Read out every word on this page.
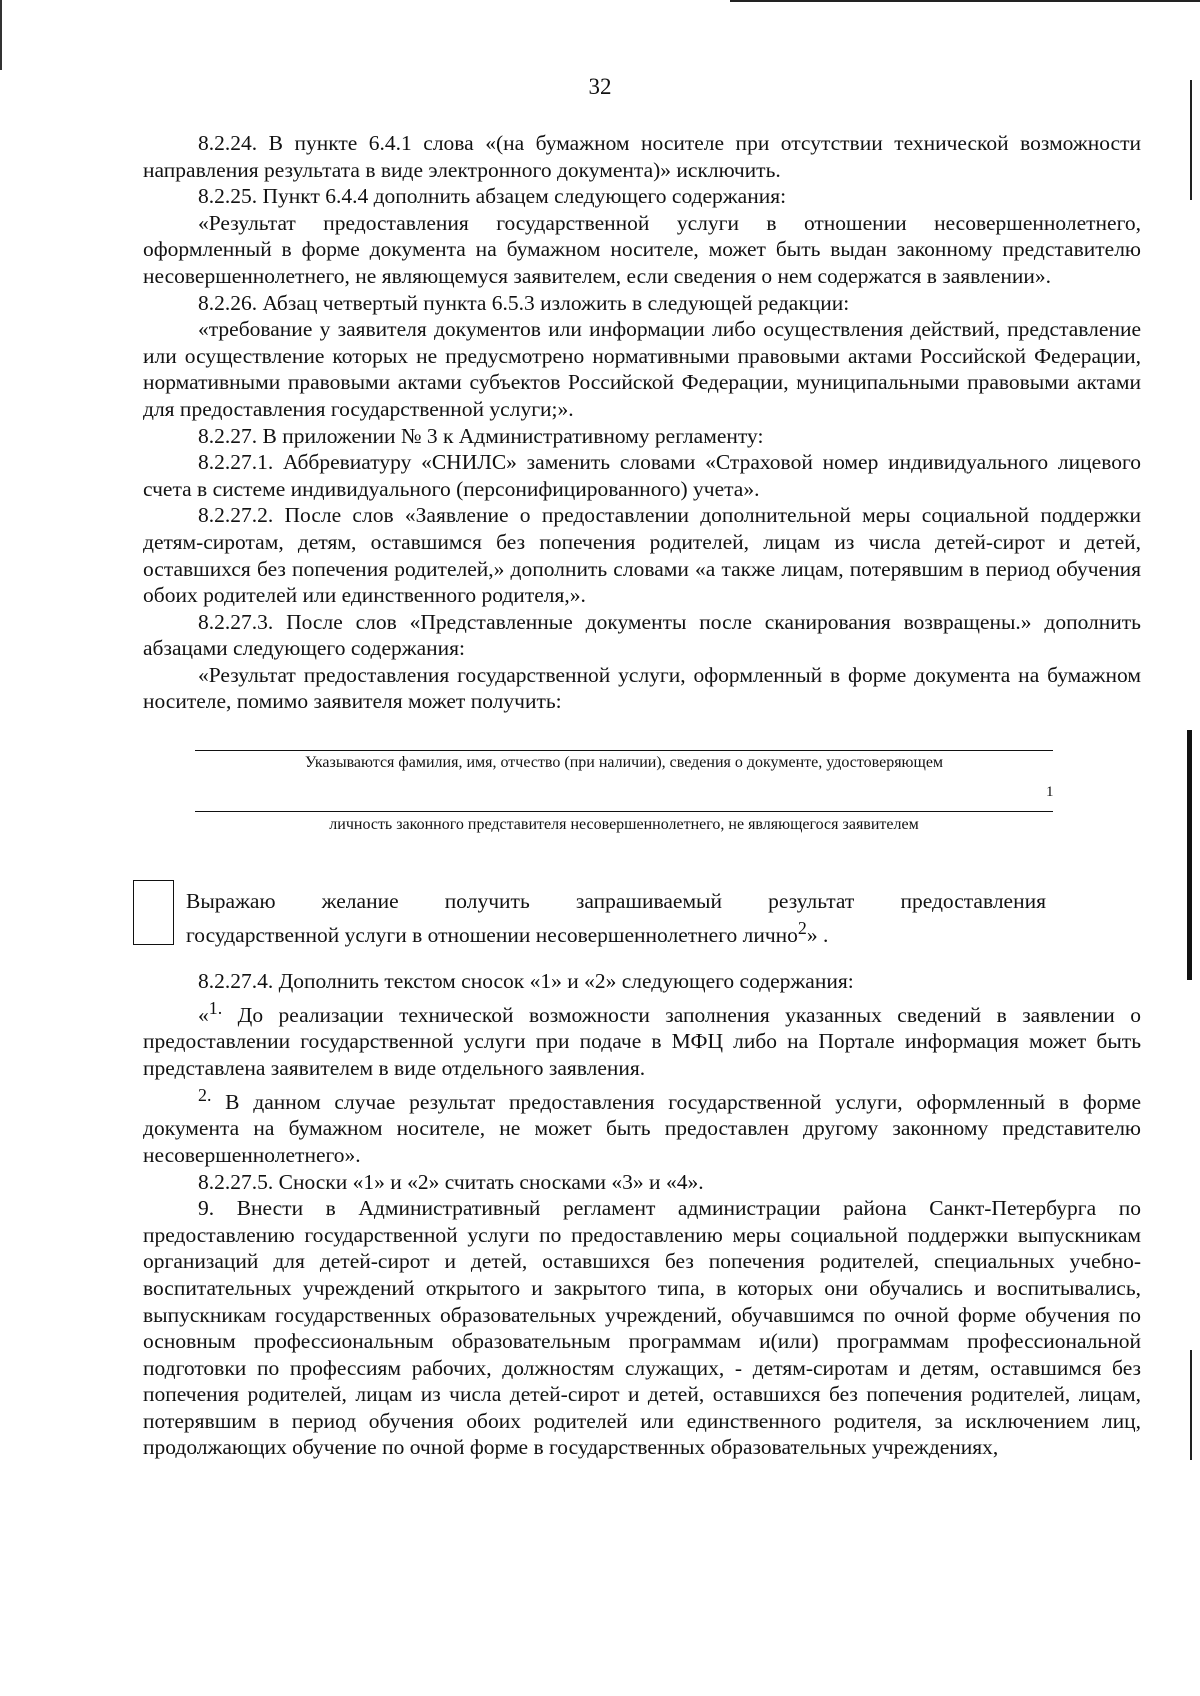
32

8.2.24. В пункте 6.4.1 слова «(на бумажном носителе при отсутствии технической возможности направления результата в виде электронного документа)» исключить.

8.2.25. Пункт 6.4.4 дополнить абзацем следующего содержания:

«Результат предоставления государственной услуги в отношении несовершеннолетнего, оформленный в форме документа на бумажном носителе, может быть выдан законному представителю несовершеннолетнего, не являющемуся заявителем, если сведения о нем содержатся в заявлении».

8.2.26. Абзац четвертый пункта 6.5.3 изложить в следующей редакции:

«требование у заявителя документов или информации либо осуществления действий, представление или осуществление которых не предусмотрено нормативными правовыми актами Российской Федерации, нормативными правовыми актами субъектов Российской Федерации, муниципальными правовыми актами для предоставления государственной услуги;».

8.2.27. В приложении № 3 к Административному регламенту:

8.2.27.1. Аббревиатуру «СНИЛС» заменить словами «Страховой номер индивидуального лицевого счета в системе индивидуального (персонифицированного) учета».

8.2.27.2. После слов «Заявление о предоставлении дополнительной меры социальной поддержки детям-сиротам, детям, оставшимся без попечения родителей, лицам из числа детей-сирот и детей, оставшихся без попечения родителей,» дополнить словами «а также лицам, потерявшим в период обучения обоих родителей или единственного родителя,».

8.2.27.3. После слов «Представленные документы после сканирования возвращены.» дополнить абзацами следующего содержания:

«Результат предоставления государственной услуги, оформленный в форме документа на бумажном носителе, помимо заявителя может получить:

Указываются фамилия, имя, отчество (при наличии), сведения о документе, удостоверяющем
1
личность законного представителя несовершеннолетнего, не являющегося заявителем
Выражаю желание получить запрашиваемый результат предоставления
государственной услуги в отношении несовершеннолетнего лично$^2$» .

8.2.27.4. Дополнить текстом сносок «1» и «2» следующего содержания:

«$^{1.}$ До реализации технической возможности заполнения указанных сведений в заявлении о предоставлении государственной услуги при подаче в МФЦ либо на Портале информация может быть представлена заявителем в виде отдельного заявления.

$^{2.}$ В данном случае результат предоставления государственной услуги, оформленный в форме документа на бумажном носителе, не может быть предоставлен другому законному представителю несовершеннолетнего».

8.2.27.5. Сноски «1» и «2» считать сносками «3» и «4».

9. Внести в Административный регламент администрации района Санкт-Петербурга по предоставлению государственной услуги по предоставлению меры социальной поддержки выпускникам организаций для детей-сирот и детей, оставшихся без попечения родителей, специальных учебно-воспитательных учреждений открытого и закрытого типа, в которых они обучались и воспитывались, выпускникам государственных образовательных учреждений, обучавшимся по очной форме обучения по основным профессиональным образовательным программам и(или) программам профессиональной подготовки по профессиям рабочих, должностям служащих, - детям-сиротам и детям, оставшимся без попечения родителей, лицам из числа детей-сирот и детей, оставшихся без попечения родителей, лицам, потерявшим в период обучения обоих родителей или единственного родителя, за исключением лиц, продолжающих обучение по очной форме в государственных образовательных учреждениях,
